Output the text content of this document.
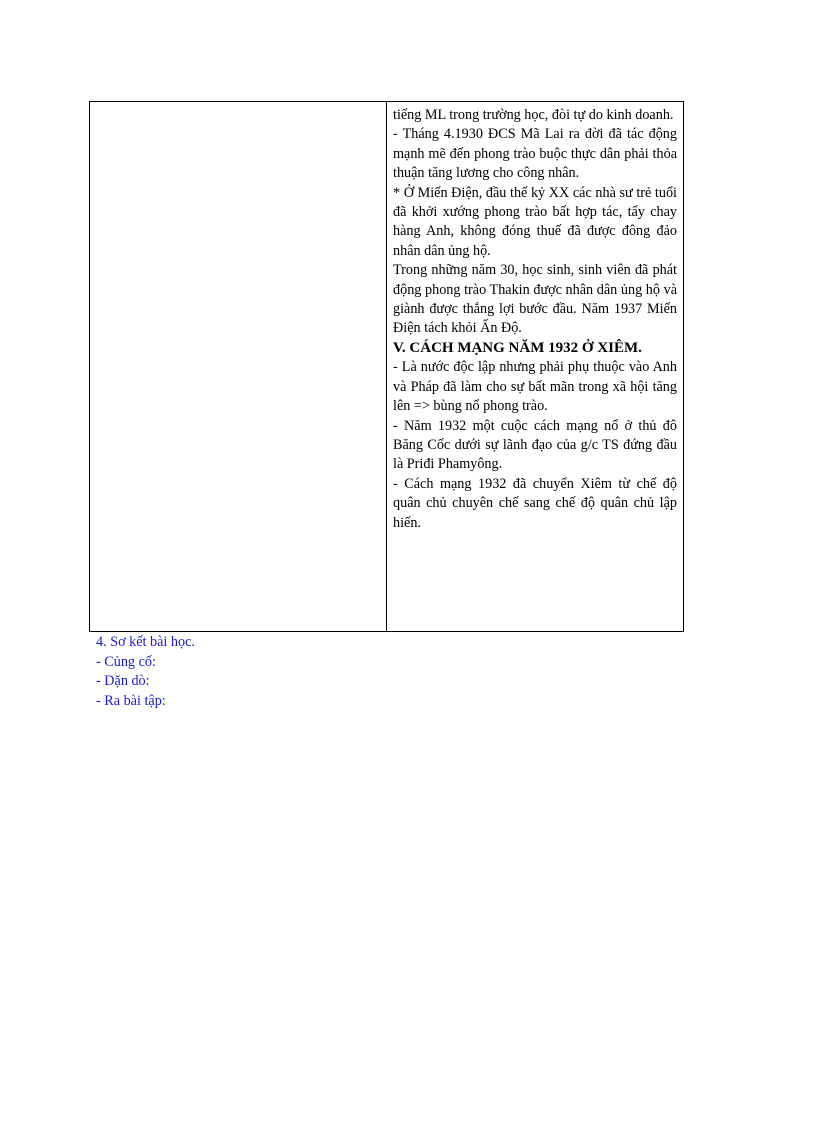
tiếng ML trong trường học, đòi tự do kinh doanh.

- Tháng 4.1930 ĐCS Mã Lai ra đời đã tác động mạnh mẽ đến phong trào buộc thực dân phải thỏa thuận tăng lương cho công nhân.

* Ở Miến Điện, đầu thế kỷ XX các nhà sư trẻ tuổi đã khởi xướng phong trào bất hợp tác, tẩy chay hàng Anh, không đóng thuế đã được đông đảo nhân dân ủng hộ.

Trong những năm 30, học sinh, sinh viên đã phát động phong trào Thakin được nhân dân ủng hộ và giành được thắng lợi bước đầu. Năm 1937 Miến Điện tách khỏi Ấn Độ.

V. CÁCH MẠNG NĂM 1932 Ở XIÊM.

- Là nước độc lập nhưng phải phụ thuộc vào Anh và Pháp đã làm cho sự bất mãn trong xã hội tăng lên => bùng nổ phong trào.

- Năm 1932 một cuộc cách mạng nổ ở thủ đô Băng Cốc dưới sự lãnh đạo của g/c TS đứng đầu là Priđi Phamyông.

- Cách mạng 1932 đã chuyển Xiêm từ chế độ quân chủ chuyên chế sang chế độ quân chủ lập hiến.

4. Sơ kết bài học.

- Củng cố:

- Dặn dò:

- Ra bài tập:
